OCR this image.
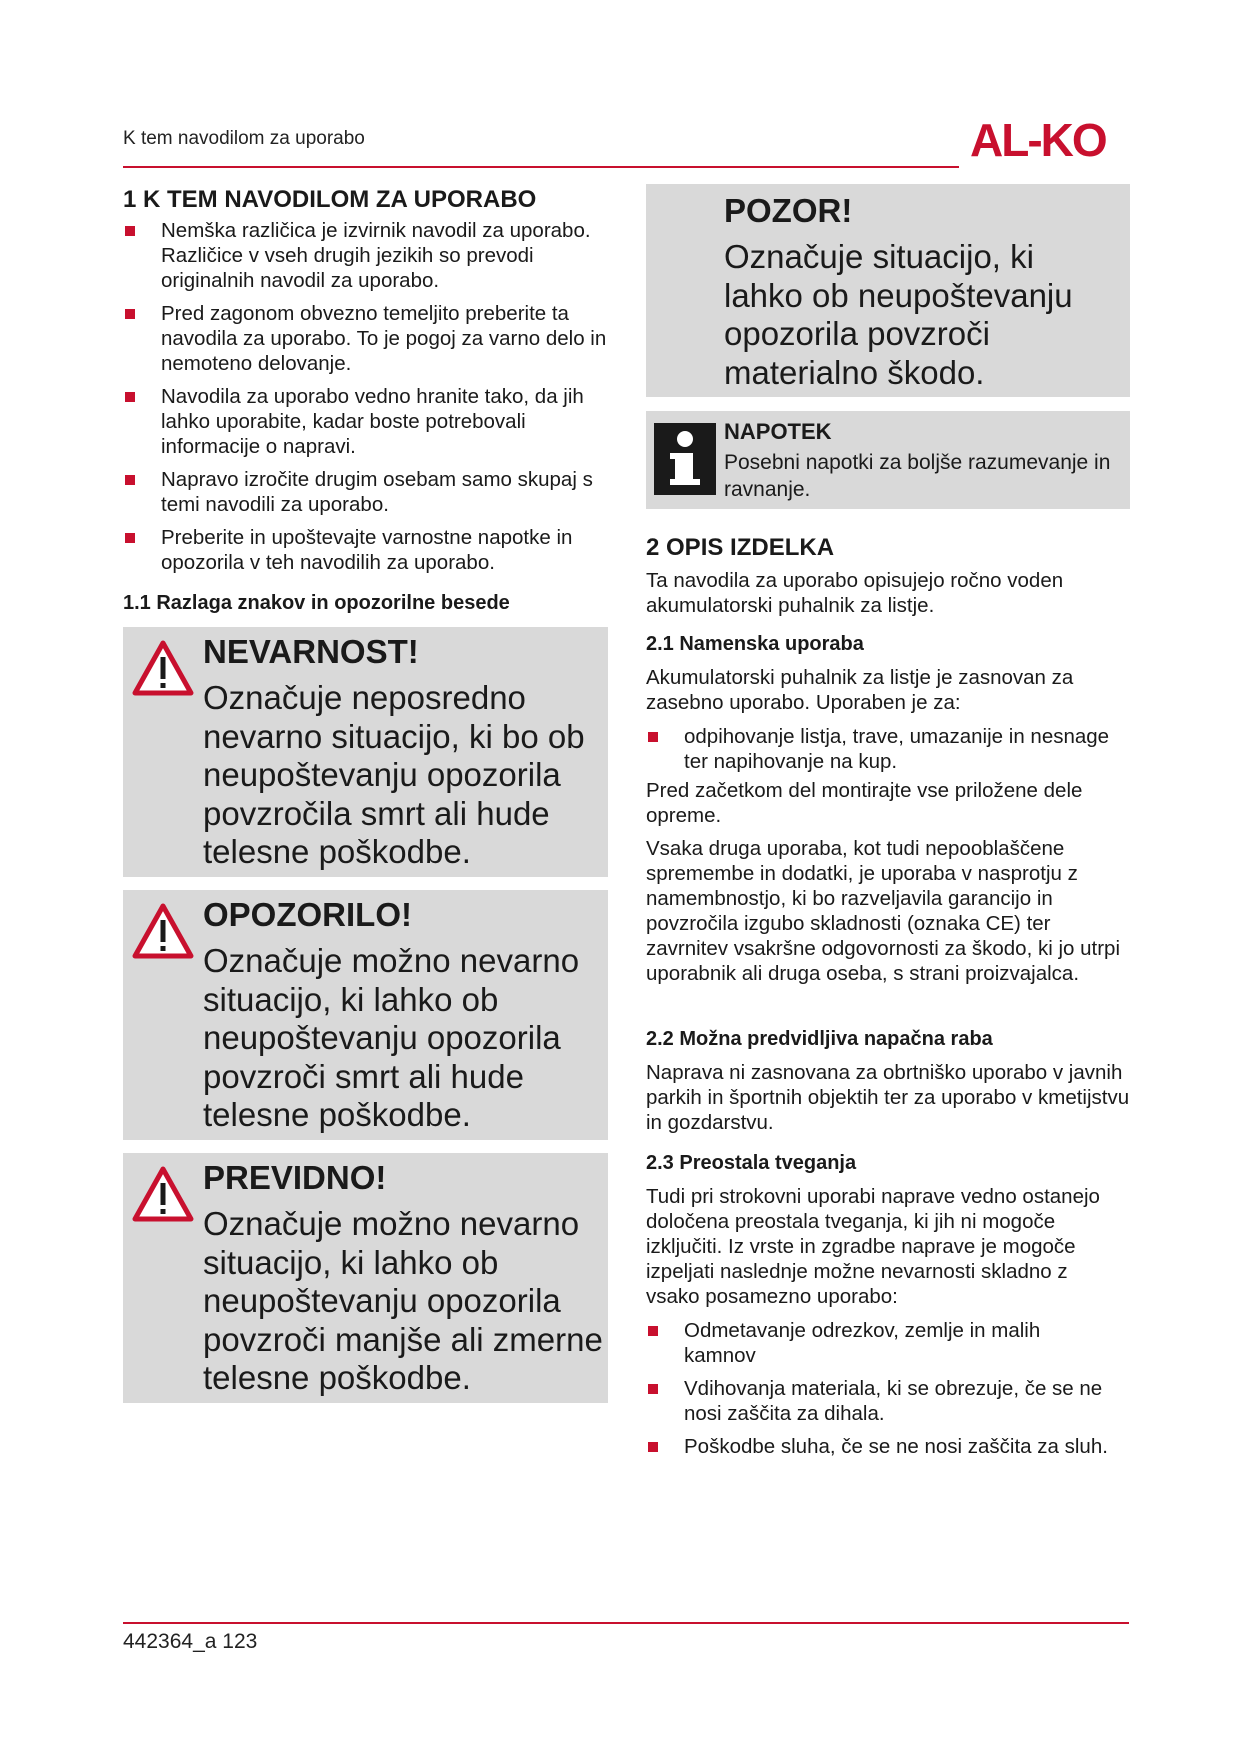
K tem navodilom za uporabo	AL-KO
1 K TEM NAVODILOM ZA UPORABO
Nemška različica je izvirnik navodil za uporabo. Različice v vseh drugih jezikih so prevodi originalnih navodil za uporabo.
Pred zagonom obvezno temeljito preberite ta navodila za uporabo. To je pogoj za varno delo in nemoteno delovanje.
Navodila za uporabo vedno hranite tako, da jih lahko uporabite, kadar boste potrebovali informacije o napravi.
Napravo izročite drugim osebam samo skupaj s temi navodili za uporabo.
Preberite in upoštevajte varnostne napotke in opozorila v teh navodilih za uporabo.
1.1 Razlaga znakov in opozorilne besede
NEVARNOST!
Označuje neposredno nevarno situacijo, ki bo ob neupoštevanju opozorila povzročila smrt ali hude telesne poškodbe.
OPOZORILO!
Označuje možno nevarno situacijo, ki lahko ob neupoštevanju opozorila povzroči smrt ali hude telesne poškodbe.
PREVIDNO!
Označuje možno nevarno situacijo, ki lahko ob neupoštevanju opozorila povzroči manjše ali zmerne telesne poškodbe.
POZOR!
Označuje situacijo, ki lahko ob neupoštevanju opozorila povzroči materialno škodo.
NAPOTEK
Posebni napotki za boljše razumevanje in ravnanje.
2 OPIS IZDELKA
Ta navodila za uporabo opisujejo ročno voden akumulatorski puhalnik za listje.
2.1 Namenska uporaba
Akumulatorski puhalnik za listje je zasnovan za zasebno uporabo. Uporaben je za:
odpihovanje listja, trave, umazanije in nesnage ter napihovanje na kup.
Pred začetkom del montirajte vse priložene dele opreme.
Vsaka druga uporaba, kot tudi nepooblaščene spremembe in dodatki, je uporaba v nasprotju z namembnostjo, ki bo razveljavila garancijo in povzročila izgubo skladnosti (oznaka CE) ter zavrnitev vsakršne odgovornosti za škodo, ki jo utrpi uporabnik ali druga oseba, s strani proizvajalca.
2.2 Možna predvidljiva napačna raba
Naprava ni zasnovana za obrtniško uporabo v javnih parkih in športnih objektih ter za uporabo v kmetijstvu in gozdarstvu.
2.3 Preostala tveganja
Tudi pri strokovni uporabi naprave vedno ostanejo določena preostala tveganja, ki jih ni mogoče izključiti. Iz vrste in zgradbe naprave je mogoče izpeljati naslednje možne nevarnosti skladno z vsako posamezno uporabo:
Odmetavanje odrezkov, zemlje in malih kamnov
Vdihovanja materiala, ki se obrezuje, če se ne nosi zaščita za dihala.
Poškodbe sluha, če se ne nosi zaščita za sluh.
442364_a 123
